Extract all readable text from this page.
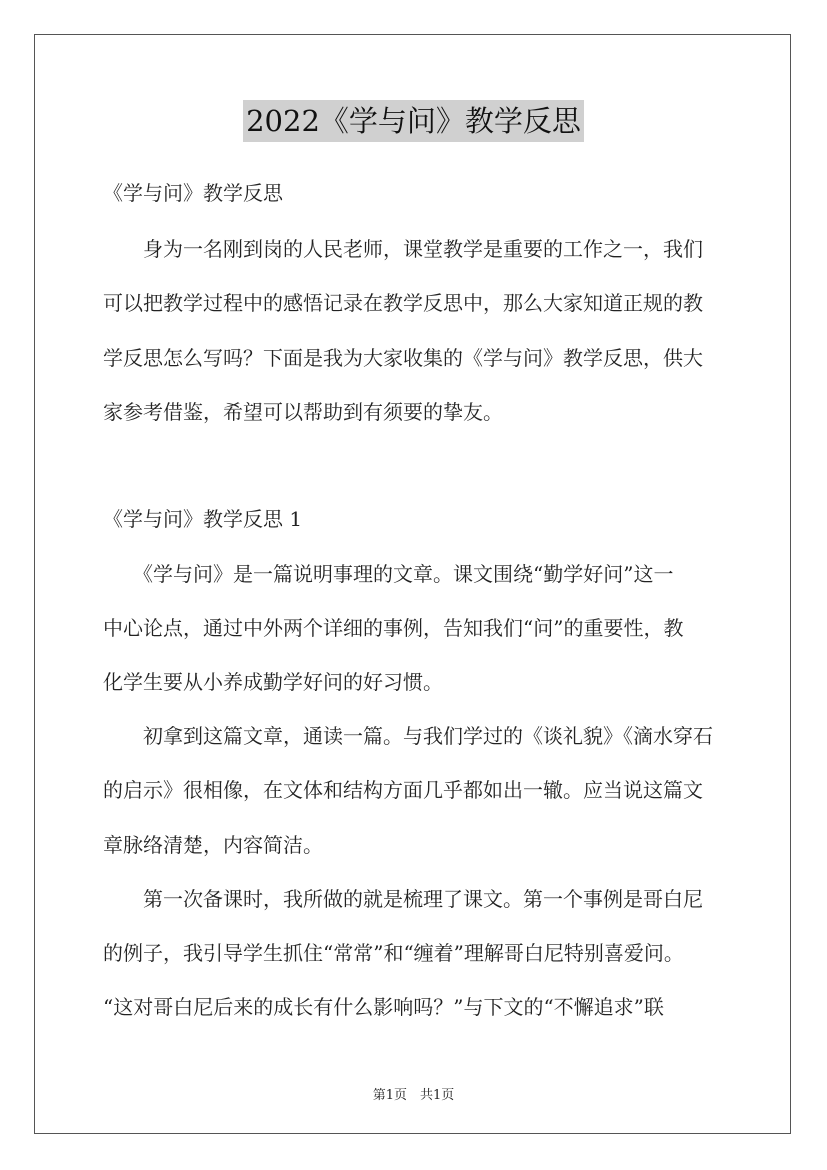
2022《学与问》教学反思
《学与问》教学反思
　　身为一名刚到岗的人民老师，课堂教学是重要的工作之一，我们
可以把教学过程中的感悟记录在教学反思中，那么大家知道正规的教
学反思怎么写吗？下面是我为大家收集的《学与问》教学反思，供大
家参考借鉴，希望可以帮助到有须要的挚友。
《学与问》教学反思 1
　　《学与问》是一篇说明事理的文章。课文围绕“勤学好问”这一
中心论点，通过中外两个详细的事例，告知我们“问”的重要性，教
化学生要从小养成勤学好问的好习惯。
　　初拿到这篇文章，通读一篇。与我们学过的《谈礼貌》《滴水穿石
的启示》很相像，在文体和结构方面几乎都如出一辙。应当说这篇文
章脉络清楚，内容简洁。
　　第一次备课时，我所做的就是梳理了课文。第一个事例是哥白尼
的例子，我引导学生抓住“常常”和“缠着”理解哥白尼特别喜爱问。
“这对哥白尼后来的成长有什么影响吗？”与下文的“不懈追求”联
第1页　共1页
